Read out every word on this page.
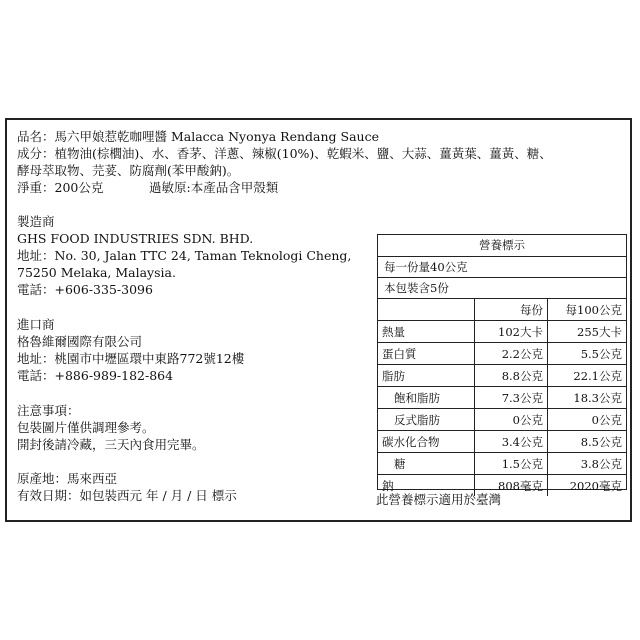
品名：馬六甲娘惹乾咖哩醬 Malacca Nyonya Rendang Sauce
成分：植物油(棕櫚油)、水、香茅、洋蔥、辣椒(10%)、乾蝦米、鹽、大蒜、薑黃葉、薑黃、糖、
酵母萃取物、芫荽、防腐劑(苯甲酸鈉)。
淨重：200公克	過敏原:本產品含甲殼類
製造商
GHS FOOD INDUSTRIES SDN. BHD.
地址：No. 30, Jalan TTC 24, Taman Teknologi Cheng,
75250 Melaka, Malaysia.
電話：+606-335-3096
進口商
格魯維爾國際有限公司
地址：桃園市中壢區環中東路772號12樓
電話：+886-989-182-864
注意事項：
包裝圖片僅供調理參考。
開封後請冷藏，三天內食用完畢。
原產地：馬來西亞
有效日期：如包裝西元 年 / 月 / 日 標示
營養標示
每一份量40公克
本包裝含5份
	每份	每100公克
熱量	102大卡	255大卡
蛋白質	2.2公克	5.5公克
脂肪	8.8公克	22.1公克
飽和脂肪	7.3公克	18.3公克
反式脂肪	0公克	0公克
碳水化合物	3.4公克	8.5公克
糖	1.5公克	3.8公克
鈉	808毫克	2020毫克
此營養標示適用於臺灣
